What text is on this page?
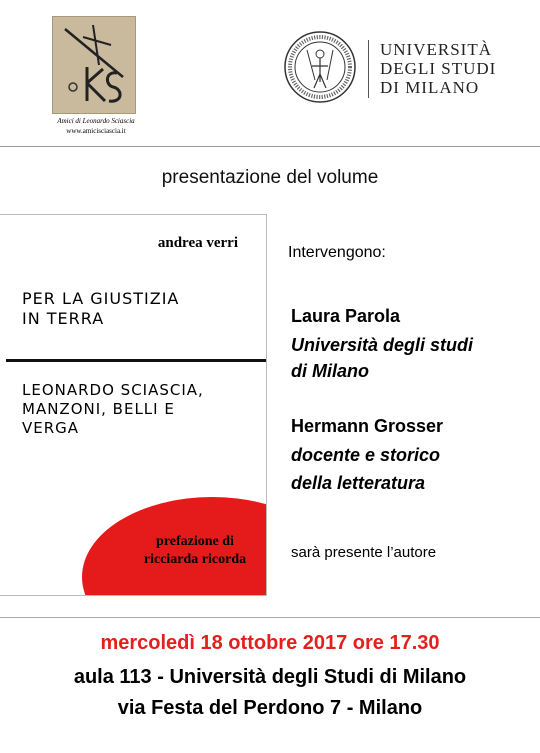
Amici di Leonardo Sciascia
www.amicisciascia.it
UNIVERSITÀ
DEGLI STUDI
DI MILANO
presentazione del volume
andrea verri
PER LA GIUSTIZIA
IN TERRA
LEONARDO SCIASCIA,
MANZONI, BELLI E
VERGA
prefazione di
ricciarda ricorda
Intervengono:
Laura Parola
Università degli studi
di Milano
Hermann Grosser
docente e storico
della letteratura
sarà presente l’autore
mercoledì 18 ottobre 2017 ore 17.30
aula 113 - Università degli Studi di Milano
via Festa del Perdono 7 - Milano
